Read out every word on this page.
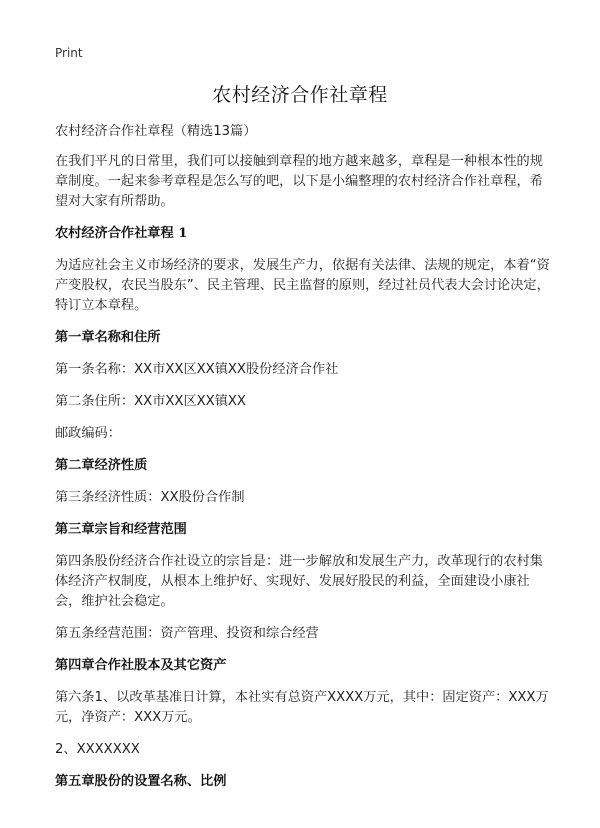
Print
农村经济合作社章程

农村经济合作社章程（精选13篇）

在我们平凡的日常里，我们可以接触到章程的地方越来越多，章程是一种根本性的规章制度。一起来参考章程是怎么写的吧，以下是小编整理的农村经济合作社章程，希望对大家有所帮助。

农村经济合作社章程 1

为适应社会主义市场经济的要求，发展生产力，依据有关法律、法规的规定，本着“资产变股权，农民当股东”、民主管理、民主监督的原则，经过社员代表大会讨论决定，特订立本章程。

第一章名称和住所

第一条名称：XX市XX区XX镇XX股份经济合作社

第二条住所：XX市XX区XX镇XX

邮政编码：

第二章经济性质

第三条经济性质：XX股份合作制

第三章宗旨和经营范围

第四条股份经济合作社设立的宗旨是：进一步解放和发展生产力，改革现行的农村集体经济产权制度，从根本上维护好、实现好、发展好股民的利益，全面建设小康社会，维护社会稳定。

第五条经营范围：资产管理、投资和综合经营

第四章合作社股本及其它资产

第六条1、以改革基准日计算，本社实有总资产XXXX万元，其中：固定资产：XXX万元，净资产：XXX万元。

2、XXXXXXX

第五章股份的设置名称、比例
